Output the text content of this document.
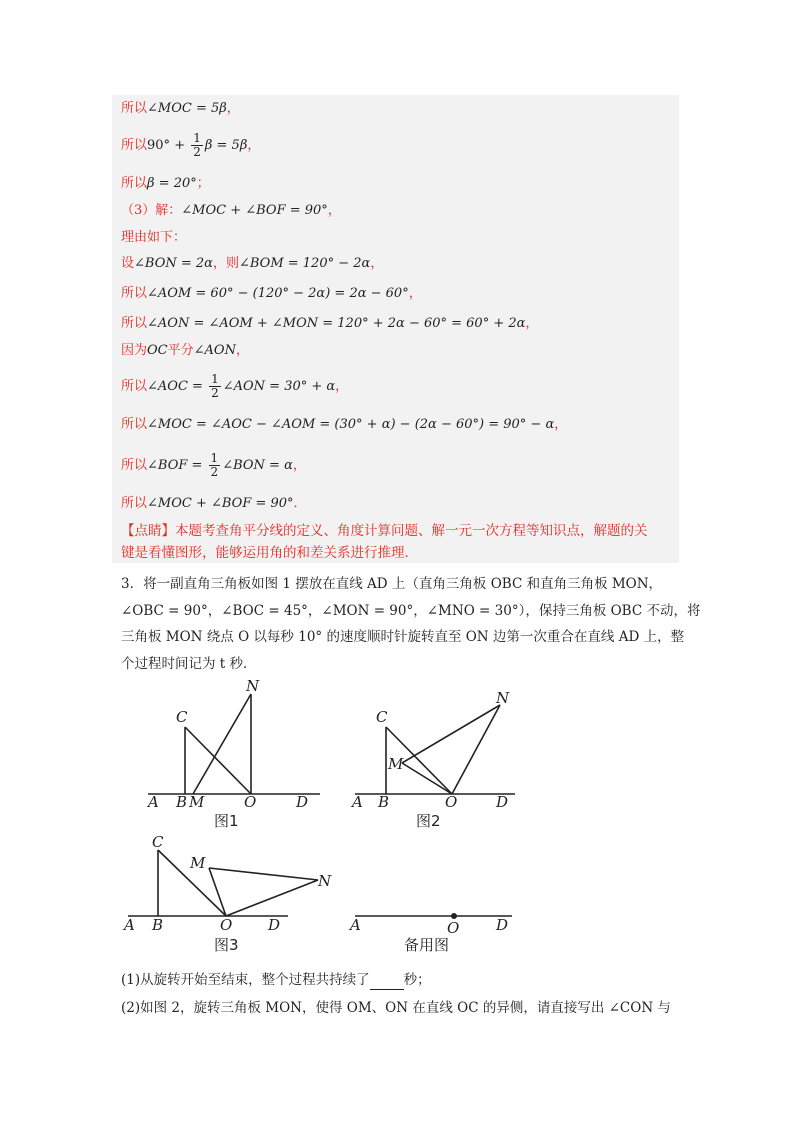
所以∠MOC = 5β，
所以$90^\circ + \frac{1}{2}$ β = 5β，
所以β = 20°；
（3）解：∠MOC + ∠BOF = 90°，
理由如下：
设∠BON = 2α，则∠BOM = 120° − 2α，
所以∠AOM = 60° − (120° − 2α) = 2α − 60°，
所以∠AON = ∠AOM + ∠MON = 120° + 2α − 60° = 60° + 2α，
因为OC平分∠AON，
所以∠AOC = $\frac{1}{2}$ ∠AON = 30° + α，
所以∠MOC = ∠AOC − ∠AOM = (30° + α) − (2α − 60°) = 90° − α，
所以∠BOF = $\frac{1}{2}$ ∠BON = α，
所以∠MOC + ∠BOF = 90°．
【点睛】本题考查角平分线的定义、角度计算问题、解一元一次方程等知识点，解题的关
键是看懂图形，能够运用角的和差关系进行推理．
3．将一副直角三角板如图 1 摆放在直线 AD 上（直角三角板 OBC 和直角三角板 MON，
∠OBC = 90°，∠BOC = 45°，∠MON = 90°，∠MNO = 30°），保持三角板 OBC 不动，将
三角板 MON 绕点 O 以每秒 10° 的速度顺时针旋转直至 ON 边第一次重合在直线 AD 上，整
个过程时间记为 t 秒．
A B M	O	D
C
N
图1
A B	O	D
C
M
N
图2
A B	O D
C
M
N
图3
A	O D
备用图
(1)从旋转开始至结束，整个过程共持续了	秒；
(2)如图 2，旋转三角板 MON，使得 OM、ON 在直线 OC 的异侧，请直接写出 ∠CON 与
